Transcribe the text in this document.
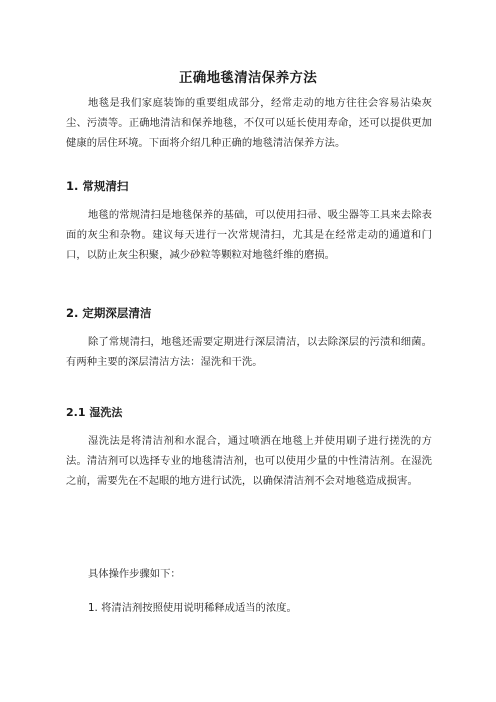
正确地毯清洁保养方法
地毯是我们家庭装饰的重要组成部分，经常走动的地方往往会容易沾染灰尘、污渍等。正确地清洁和保养地毯，不仅可以延长使用寿命，还可以提供更加健康的居住环境。下面将介绍几种正确的地毯清洁保养方法。
1. 常规清扫
地毯的常规清扫是地毯保养的基础，可以使用扫帚、吸尘器等工具来去除表面的灰尘和杂物。建议每天进行一次常规清扫，尤其是在经常走动的通道和门口，以防止灰尘积聚，减少砂粒等颗粒对地毯纤维的磨损。
2. 定期深层清洁
除了常规清扫，地毯还需要定期进行深层清洁，以去除深层的污渍和细菌。有两种主要的深层清洁方法：湿洗和干洗。
2.1 湿洗法
湿洗法是将清洁剂和水混合，通过喷洒在地毯上并使用刷子进行搓洗的方法。清洁剂可以选择专业的地毯清洁剂，也可以使用少量的中性清洁剂。在湿洗之前，需要先在不起眼的地方进行试洗，以确保清洁剂不会对地毯造成损害。
具体操作步骤如下：
1. 将清洁剂按照使用说明稀释成适当的浓度。
